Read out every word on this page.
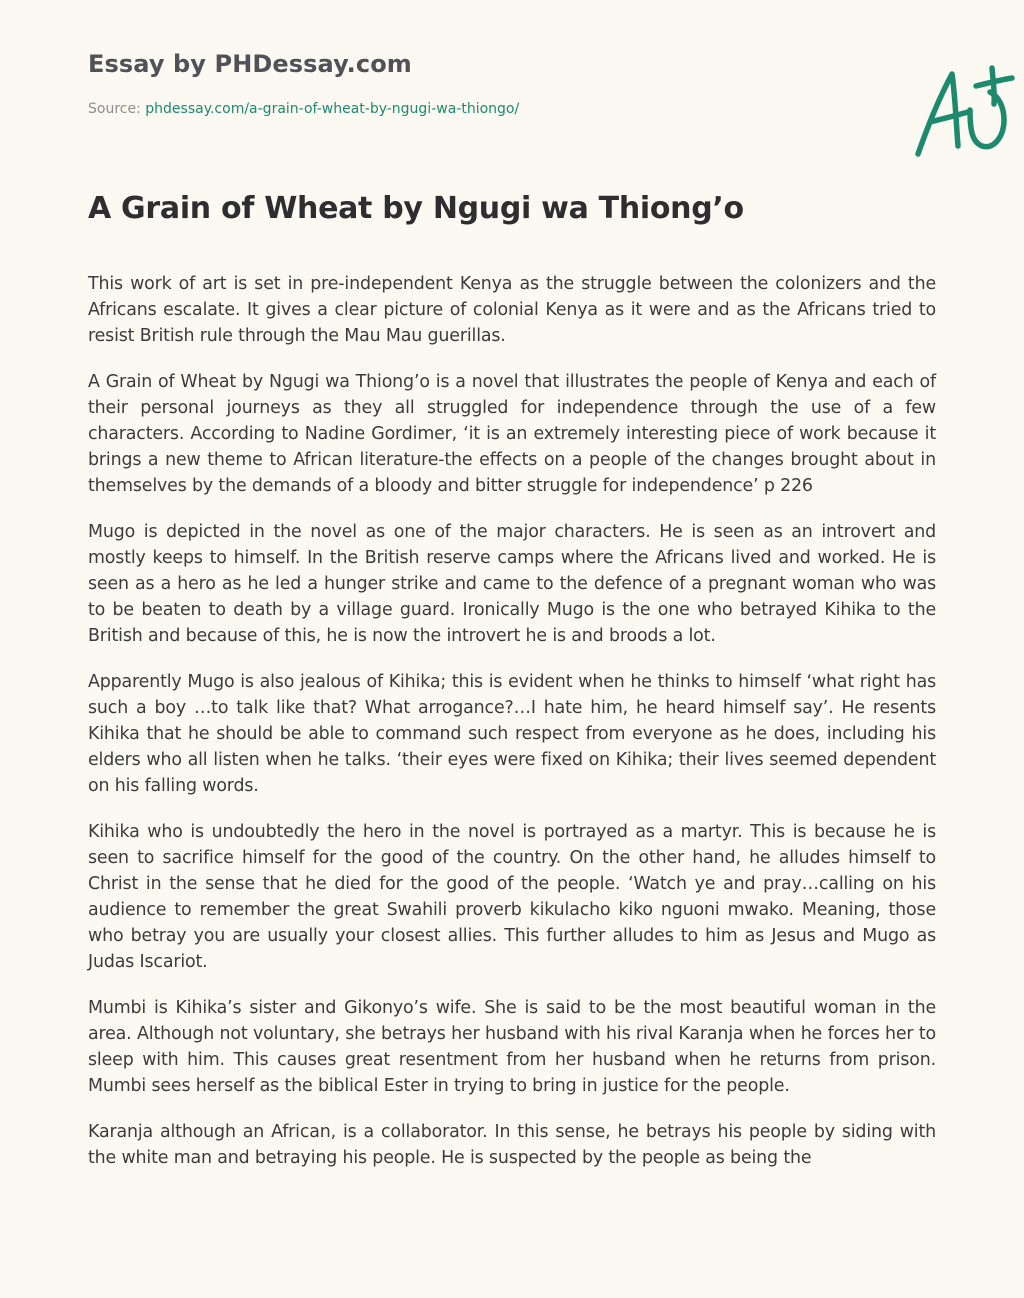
Essay by PHDessay.com
Source: phdessay.com/a-grain-of-wheat-by-ngugi-wa-thiongo/
A Grain of Wheat by Ngugi wa Thiong’o

This work of art is set in pre-independent Kenya as the struggle between the colonizers and the Africans escalate. It gives a clear picture of colonial Kenya as it were and as the Africans tried to resist British rule through the Mau Mau guerillas.

A Grain of Wheat by Ngugi wa Thiong’o is a novel that illustrates the people of Kenya and each of their personal journeys as they all struggled for independence through the use of a few characters. According to Nadine Gordimer, ‘it is an extremely interesting piece of work because it brings a new theme to African literature-the effects on a people of the changes brought about in themselves by the demands of a bloody and bitter struggle for independence’ p 226

Mugo is depicted in the novel as one of the major characters. He is seen as an introvert and mostly keeps to himself. In the British reserve camps where the Africans lived and worked. He is seen as a hero as he led a hunger strike and came to the defence of a pregnant woman who was to be beaten to death by a village guard. Ironically Mugo is the one who betrayed Kihika to the British and because of this, he is now the introvert he is and broods a lot.

Apparently Mugo is also jealous of Kihika; this is evident when he thinks to himself ‘what right has such a boy …to talk like that? What arrogance?…I hate him, he heard himself say’. He resents Kihika that he should be able to command such respect from everyone as he does, including his elders who all listen when he talks. ‘their eyes were fixed on Kihika; their lives seemed dependent on his falling words.

Kihika who is undoubtedly the hero in the novel is portrayed as a martyr. This is because he is seen to sacrifice himself for the good of the country. On the other hand, he alludes himself to Christ in the sense that he died for the good of the people. ‘Watch ye and pray…calling on his audience to remember the great Swahili proverb kikulacho kiko nguoni mwako. Meaning, those who betray you are usually your closest allies. This further alludes to him as Jesus and Mugo as Judas Iscariot.

Mumbi is Kihika’s sister and Gikonyo’s wife. She is said to be the most beautiful woman in the area. Although not voluntary, she betrays her husband with his rival Karanja when he forces her to sleep with him. This causes great resentment from her husband when he returns from prison. Mumbi sees herself as the biblical Ester in trying to bring in justice for the people.

Karanja although an African, is a collaborator. In this sense, he betrays his people by siding with the white man and betraying his people. He is suspected by the people as being the
